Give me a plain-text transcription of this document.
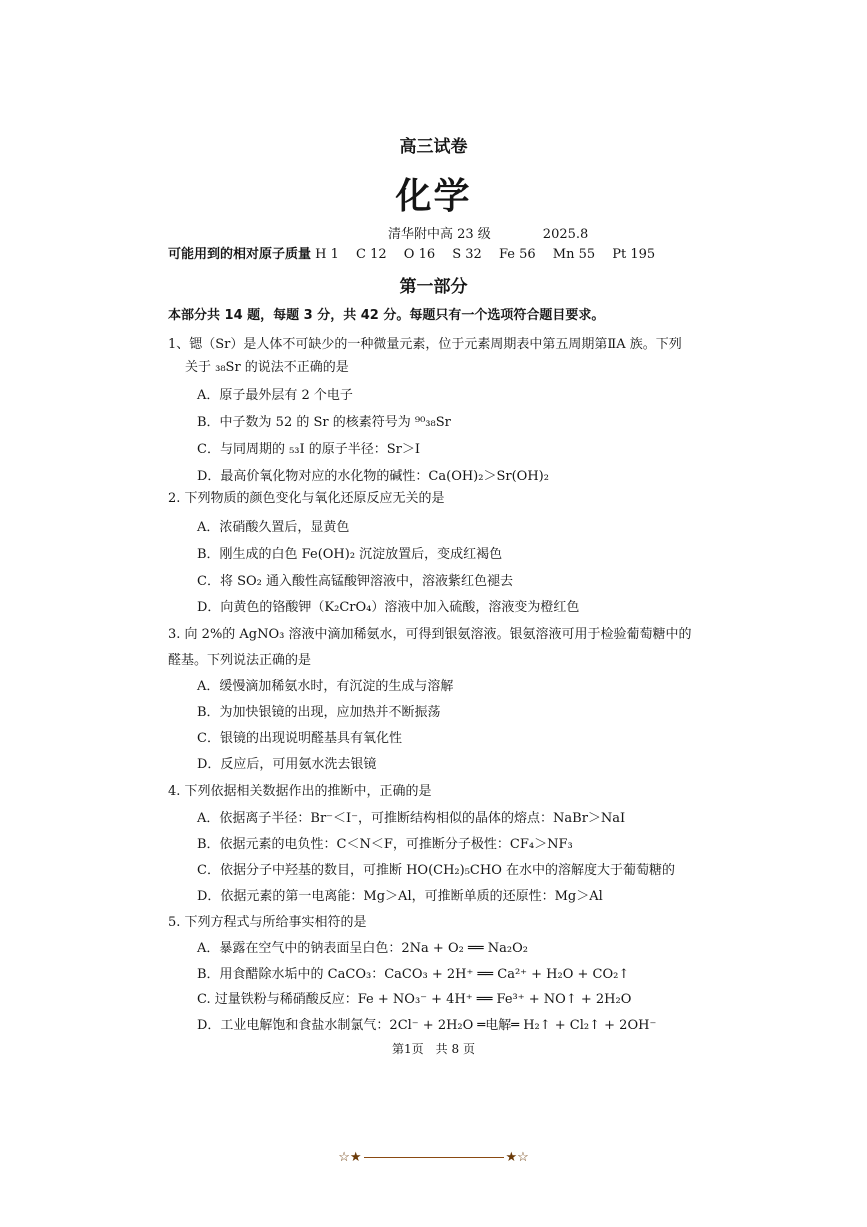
高三试卷
化学
清华附中高 23 级　　　　2025.8
可能用到的相对原子质量 H 1　 C 12　 O 16　 S 32　 Fe 56　 Mn 55　 Pt 195
第一部分
本部分共 14 题，每题 3 分，共 42 分。每题只有一个选项符合题目要求。
1、锶（Sr）是人体不可缺少的一种微量元素，位于元素周期表中第五周期第ⅡA 族。下列
关于 ₃₈Sr 的说法不正确的是
A．原子最外层有 2 个电子
B．中子数为 52 的 Sr 的核素符号为 ⁹⁰₃₈Sr
C．与同周期的 ₅₃I 的原子半径：Sr＞I
D．最高价氧化物对应的水化物的碱性：Ca(OH)₂＞Sr(OH)₂
2. 下列物质的颜色变化与氧化还原反应无关的是
A．浓硝酸久置后，显黄色
B．刚生成的白色 Fe(OH)₂ 沉淀放置后，变成红褐色
C．将 SO₂ 通入酸性高锰酸钾溶液中，溶液紫红色褪去
D．向黄色的铬酸钾（K₂CrO₄）溶液中加入硫酸，溶液变为橙红色
3. 向 2%的 AgNO₃ 溶液中滴加稀氨水，可得到银氨溶液。银氨溶液可用于检验葡萄糖中的
醛基。下列说法正确的是
A．缓慢滴加稀氨水时，有沉淀的生成与溶解
B．为加快银镜的出现，应加热并不断振荡
C．银镜的出现说明醛基具有氧化性
D．反应后，可用氨水洗去银镜
4. 下列依据相关数据作出的推断中，正确的是
A．依据离子半径：Br⁻＜I⁻，可推断结构相似的晶体的熔点：NaBr＞NaI
B．依据元素的电负性：C＜N＜F，可推断分子极性：CF₄＞NF₃
C．依据分子中羟基的数目，可推断 HO(CH₂)₅CHO 在水中的溶解度大于葡萄糖的
D．依据元素的第一电离能：Mg＞Al，可推断单质的还原性：Mg＞Al
5. 下列方程式与所给事实相符的是
A．暴露在空气中的钠表面呈白色：2Na + O₂ ══ Na₂O₂
B．用食醋除水垢中的 CaCO₃：CaCO₃ + 2H⁺ ══ Ca²⁺ + H₂O + CO₂↑
C. 过量铁粉与稀硝酸反应：Fe + NO₃⁻ + 4H⁺ ══ Fe³⁺ + NO↑ + 2H₂O
D．工业电解饱和食盐水制氯气：2Cl⁻ + 2H₂O ═电解═ H₂↑ + Cl₂↑ + 2OH⁻
第1页　共 8 页
☆★	★☆
